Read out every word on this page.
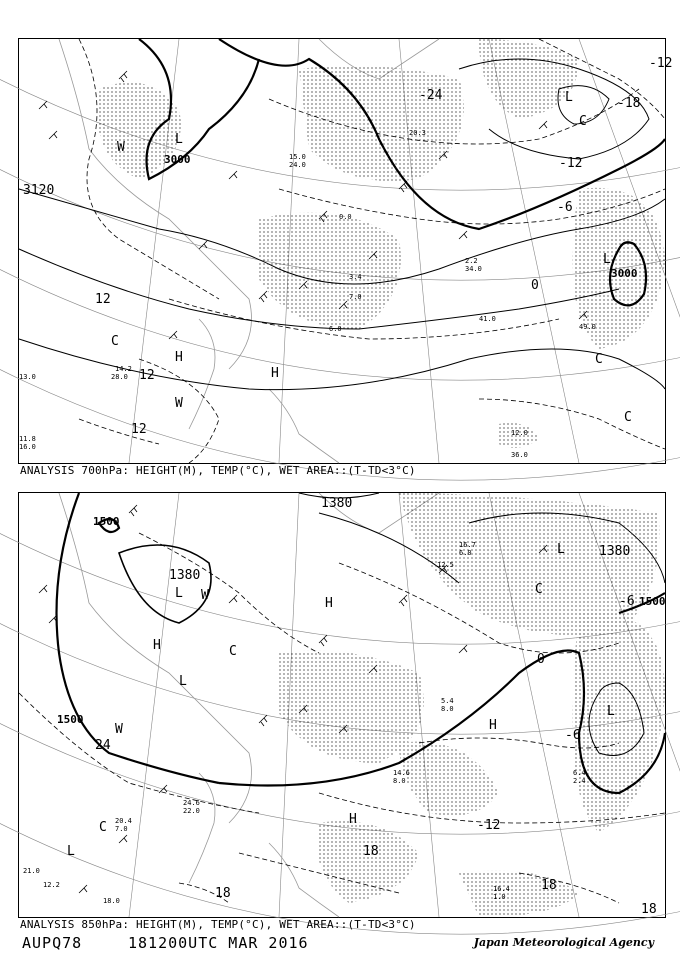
3000
3120
3000
-12
-18
-24
-6
0
12
12
12
-12
L
L
L
H
H
W
W
C
C
C
C
13.0
15.0
24.0
20.3
6.0
41.0
49.0
12.0
36.0
14.2
28.0
11.8
16.0
0.0
7.0
3.4
34.0
2.2
ANALYSIS 700hPa: HEIGHT(M), TEMP(°C), WET AREA::(T-TD<3°C)
1500
1380
1380
1500
1380
1500
0
-6
-6
-12
24
18
18
18
18
L
L
L
L
L
H
H
H
H
W
W
C
C
C
16.7
6.0
24.6
22.0
20.4
7.0
21.0
12.2
18.0
14.6
8.0
6.4
2.4
16.4
1.0
5.4
8.0
12.5
ANALYSIS 850hPa: HEIGHT(M), TEMP(°C), WET AREA::(T-TD<3°C)
AUPQ78	181200UTC MAR 2016	Japan Meteorological Agency
